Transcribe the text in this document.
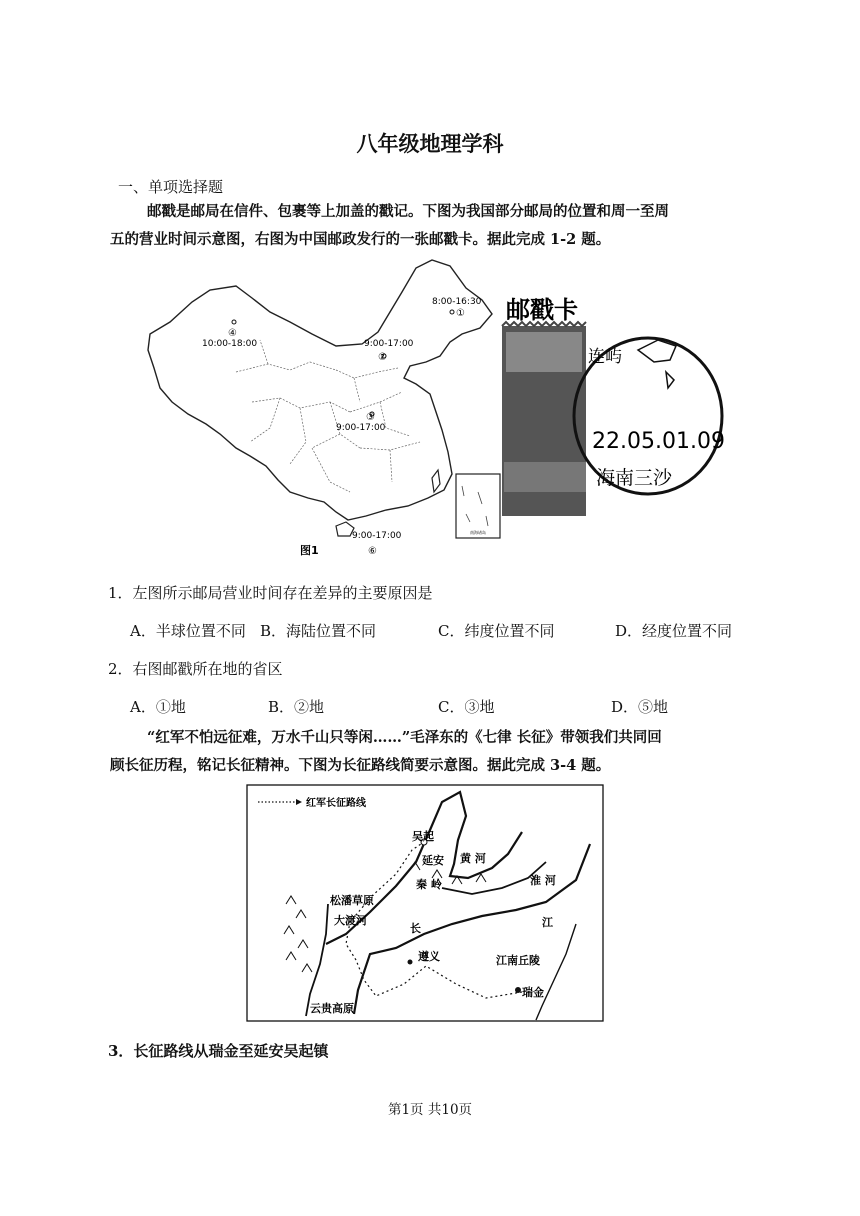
八年级地理学科
一、单项选择题
邮戳是邮局在信件、包裹等上加盖的戳记。下图为我国部分邮局的位置和周一至周
五的营业时间示意图，右图为中国邮政发行的一张邮戳卡。据此完成 1-2 题。
南海诸岛
①
8:00-16:30
②
9:00-17:00
③
9:00-17:00
④
10:00-18:00
9:00-17:00
图1	⑥
邮戳卡
连屿
22.05.01.09
海南三沙
1．左图所示邮局营业时间存在差异的主要原因是
A．半球位置不同 B．海陆位置不同	C．纬度位置不同	D．经度位置不同
2．右图邮戳所在地的省区
A．①地	B．②地	C．③地	D．⑤地
“红军不怕远征难，万水千山只等闲……”毛泽东的《七律 长征》带领我们共同回
顾长征历程，铭记长征精神。下图为长征路线简要示意图。据此完成 3-4 题。
红军长征路线
吴起
延安 黄 河
秦 岭	淮 河
松潘草原
大渡河
长	江
遵义	江南丘陵
瑞金
云贵高原
3．长征路线从瑞金至延安吴起镇
第1页 共10页
